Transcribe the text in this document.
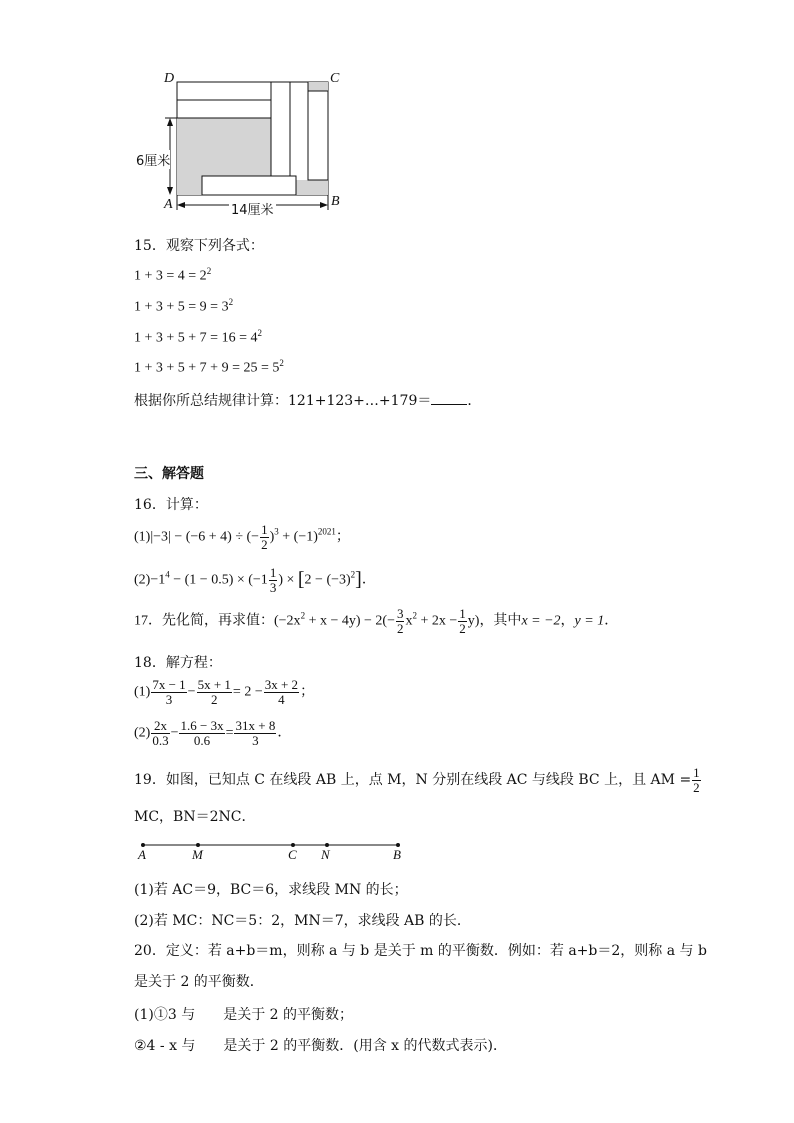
D	C
A	B
6厘米
14厘米
15．观察下列各式：
$1 + 3 = 4 = 2^2$
$1 + 3 + 5 = 9 = 3^2$
$1 + 3 + 5 + 7 = 16 = 4^2$
$1 + 3 + 5 + 7 + 9 = 25 = 5^2$
根据你所总结规律计算：121+123+…+179＝	．
三、解答题
16．计算：
(1)|−3| − (−6 + 4) ÷ (− $\frac{1}{2} )^3 + (-1)^{2021}$；
$(2)-1^4 - (1 - 0.5) \times (-1 \frac{1}{3}$ ) × $[2 - (-3)^2]$．
17．先化简，再求值：$(-2x^2 + x - 4y) - 2(- \frac{3}{2} x^2 + 2x - \frac{1}{2} y)$，其中x = −2，y = 1．
18．解方程：
$(1) \frac{7x - 1}{3} - \frac{5x + 1}{2} = 2 - \frac{3x + 2}{4}$ ；
$(2) \frac{2x}{0.3} - \frac{1.6 - 3x}{0.6} = \frac{31x + 8}{3}$ ．
19．如图，已知点 C 在线段 AB 上，点 M，N 分别在线段 AC 与线段 BC 上，且 AM = $\frac{1}{2}$
MC，BN＝2NC．
A	M	C N	B
(1)若 AC＝9，BC＝6，求线段 MN 的长；
(2)若 MC：NC＝5：2，MN＝7，求线段 AB 的长．
20．定义：若 a+b＝m，则称 a 与 b 是关于 m 的平衡数．例如：若 a+b＝2，则称 a 与 b
是关于 2 的平衡数．
(1)①3 与　　是关于 2 的平衡数；
②4 - x 与　　是关于 2 的平衡数．(用含 x 的代数式表示)．
